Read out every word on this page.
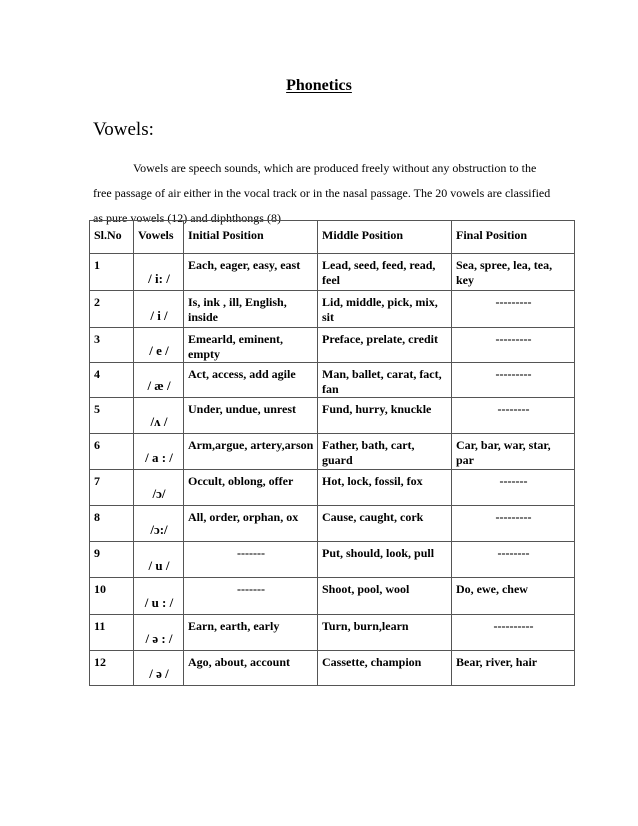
Phonetics
Vowels:
Vowels are speech sounds, which are produced freely without any obstruction to the free passage of air either in the vocal track or in the nasal passage. The 20 vowels are classified as pure vowels (12) and diphthongs (8)
Sl.No	Vowels	Initial Position	Middle Position	Final Position
1	/ i: /	Each, eager, easy, east	Lead, seed, feed, read, feel	Sea, spree, lea, tea, key
2	/ i /	Is, ink , ill, English, inside	Lid, middle, pick, mix, sit	---------
3	/ e /	Emearld, eminent, empty	Preface, prelate, credit	---------
4	/ æ /	Act, access, add agile	Man, ballet, carat, fact, fan	---------
5	/ʌ /	Under, undue, unrest	Fund, hurry, knuckle	--------
6	/ a : /	Arm,argue, artery,arson	Father, bath, cart, guard	Car, bar, war, star, par
7	/ɔ/	Occult, oblong, offer	Hot, lock, fossil, fox	-------
8	/ɔ:/	All, order, orphan, ox	Cause, caught, cork	---------
9	/ u /	-------	Put, should, look, pull	--------
10	/ u : /	-------	Shoot, pool, wool	Do, ewe, chew
11	/ ə : /	Earn, earth, early	Turn, burn,learn	----------
12	/ ə /	Ago, about, account	Cassette, champion	Bear, river, hair
